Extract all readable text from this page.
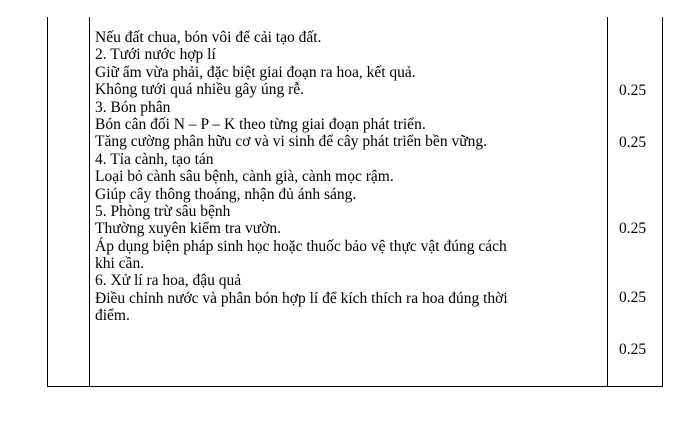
Nếu đất chua, bón vôi để cải tạo đất.
2. Tưới nước hợp lí
Giữ ẩm vừa phải, đặc biệt giai đoạn ra hoa, kết quả.
Không tưới quá nhiều gây úng rễ.
3. Bón phân
Bón cân đối N – P – K theo từng giai đoạn phát triển.
Tăng cường phân hữu cơ và vi sinh để cây phát triển bền vững.
4. Tỉa cành, tạo tán
Loại bỏ cành sâu bệnh, cành già, cành mọc rậm.
Giúp cây thông thoáng, nhận đủ ánh sáng.
5. Phòng trừ sâu bệnh
Thường xuyên kiểm tra vườn.
Áp dụng biện pháp sinh học hoặc thuốc bảo vệ thực vật đúng cách
khi cần.
6. Xử lí ra hoa, đậu quả
Điều chỉnh nước và phân bón hợp lí để kích thích ra hoa đúng thời
điểm.
0.25
0.25
0.25
0.25
0.25
